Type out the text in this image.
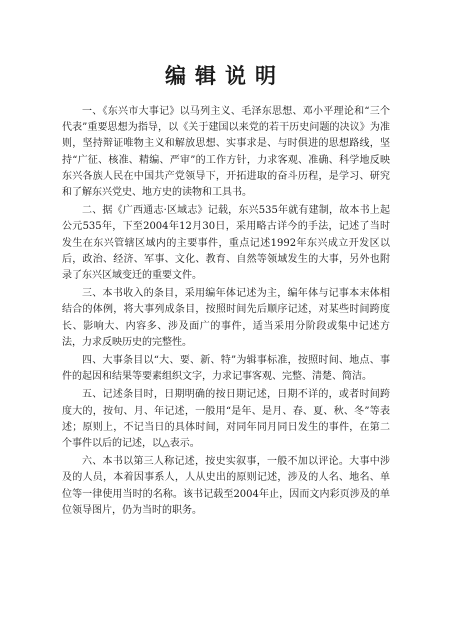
编辑说明

一、《东兴市大事记》以马列主义、毛泽东思想、邓小平理论和“三个代表”重要思想为指导，以《关于建国以来党的若干历史问题的决议》为准则，坚持辩证唯物主义和解放思想、实事求是、与时俱进的思想路线，坚持“广征、核准、精编、严审”的工作方针，力求客观、准确、科学地反映东兴各族人民在中国共产党领导下，开拓进取的奋斗历程，是学习、研究和了解东兴党史、地方史的读物和工具书。

二、据《广西通志·区域志》记载，东兴535年就有建制，故本书上起公元535年，下至2004年12月30日，采用略古详今的手法，记述了当时发生在东兴管辖区域内的主要事件，重点记述1992年东兴成立开发区以后，政治、经济、军事、文化、教育、自然等领域发生的大事，另外也附录了东兴区域变迁的重要文件。

三、本书收入的条目，采用编年体记述为主，编年体与记事本末体相结合的体例，将大事列成条目，按照时间先后顺序记述，对某些时间跨度长、影响大、内容多、涉及面广的事件，适当采用分阶段或集中记述方法，力求反映历史的完整性。

四、大事条目以“大、要、新、特”为辑事标准，按照时间、地点、事件的起因和结果等要素组织文字，力求记事客观、完整、清楚、简洁。

五、记述条目时，日期明确的按日期记述，日期不详的，或者时间跨度大的，按旬、月、年记述，一般用“是年、是月、春、夏、秋、冬”等表述；原则上，不记当日的具体时间，对同年同月同日发生的事件，在第二个事件以后的记述，以△表示。

六、本书以第三人称记述，按史实叙事，一般不加以评论。大事中涉及的人员，本着因事系人，人从史出的原则记述，涉及的人名、地名、单位等一律使用当时的名称。该书记载至2004年止，因而文内彩页涉及的单位领导图片，仍为当时的职务。
